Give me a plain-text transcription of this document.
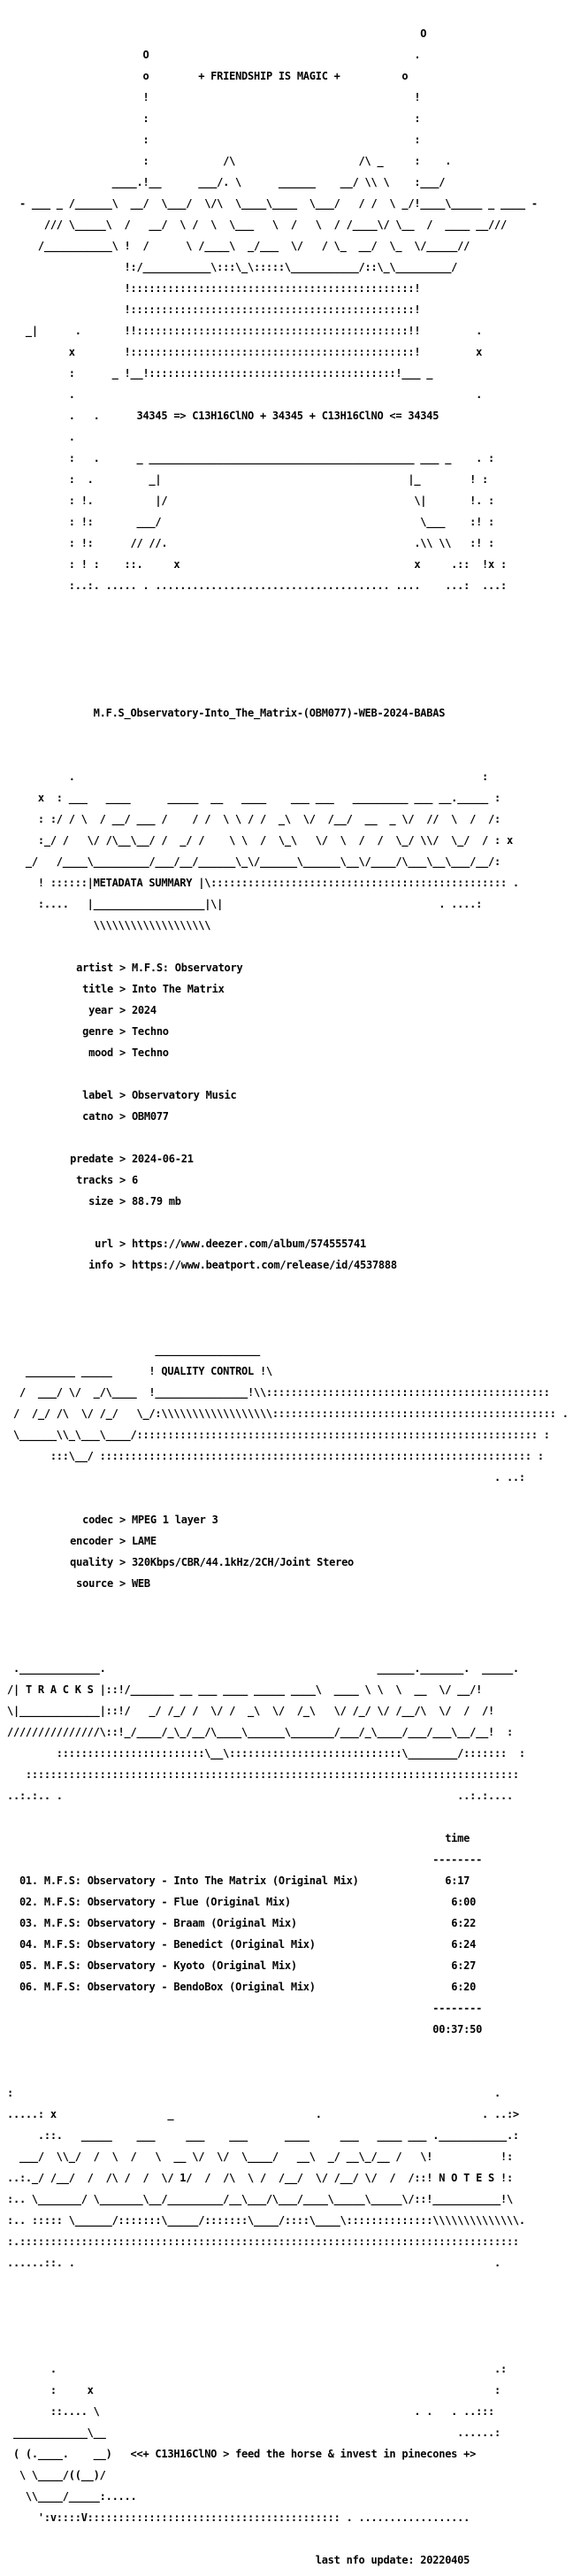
O

O                                           .

o        + FRIENDSHIP IS MAGIC +          o

!                                           !

:                                           :

:                                           :

:            /\                    /\ _     :    .

____.!__      ___/. \      ______    __/ \\ \    :___/

- ___ _ /______\  __/  \___/  \/\  \____\____  \___/   / /  \ _/!____\_____ _ ____ -

/// \_____\  /   __/  \ /  \  \___   \  /   \  / /____\/ \__  /  ____ __///

/___________\ !  /      \ /____\  _/___  \/   / \_  __/  \_  \/_____//

!:/___________\:::\_\:::::\___________/::\_\_________/

!::::::::::::::::::::::::::::::::::::::::::::::!

!::::::::::::::::::::::::::::::::::::::::::::::!

_|      .       !!::::::::::::::::::::::::::::::::::::::::::::!!         .

x        !::::::::::::::::::::::::::::::::::::::::::::::!         x

:      _ !__!::::::::::::::::::::::::::::::::::::::::!___ _

.                                                                 .

.   .      34345 => C13H16ClNO + 34345 + C13H16ClNO <= 34345

.

:   .      _ ___________________________________________ ___ _    . :

:  .         _|                                        |_        ! :

: !.          |/                                        \|       !. :

: !:       ___/                                          \___    :! :

: !:      // //.                                        .\\ \\   :! :

: ! :    ::.     x                                      x     .::  !x :

:..:. ..... . ...................................... ....    ...:  ...:

M.F.S_Observatory-Into_The_Matrix-(OBM077)-WEB-2024-BABAS

.                                                                  :

x  : ___   ____      _____  __   ____    ___ ___   _________ ___ __._____ :

: :/ / \  / __/ ___ /    / /  \ \ / /  _\  \/  /__/  __  _ \/  //  \  /  /:

:_/ /   \/ /\__\__/ /  _/ /    \ \  /  \_\   \/  \  /  /  \_/ \\/  \_/  / : x

_/   /____\_________/___/__/______\_\/______\______\__\/____/\___\__\___/__/:

! ::::::|METADATA SUMMARY |\:::::::::::::::::::::::::::::::::::::::::::::::: .

:....   |__________________|\|                                   . ....:

\\\\\\\\\\\\\\\\\\\

artist > M.F.S: Observatory

title > Into The Matrix

year > 2024

genre > Techno

mood > Techno

label > Observatory Music

catno > OBM077

predate > 2024-06-21

tracks > 6

size > 88.79 mb

url > https://www.deezer.com/album/574555741

info > https://www.beatport.com/release/id/4537888

_________________

________ _____      ! QUALITY CONTROL !\

/  ___/ \/  _/\____  !_______________!\\::::::::::::::::::::::::::::::::::::::::::::::

/  /_/ /\  \/ /_/   \_/:\\\\\\\\\\\\\\\\\\:::::::::::::::::::::::::::::::::::::::::::::: .

\______\\_\___\____/::::::::::::::::::::::::::::::::::::::::::::::::::::::::::::::::: :

:::\__/ :::::::::::::::::::::::::::::::::::::::::::::::::::::::::::::::::::::: :

. ..:

codec > MPEG 1 layer 3

encoder > LAME

quality > 320Kbps/CBR/44.1kHz/2CH/Joint Stereo

source > WEB

._____________.                                            ______._______.  _____.

/| T R A C K S |::!/_______ __ ___ ____ _____ ____\  ____ \ \  \  __  \/ __/!

\|_____________|::!/   _/ /_/ /  \/ /  _\  \/  /_\   \/ /_/ \/ /__/\  \/  /  /!

///////////////\::!_/____/_\_/__/\____\______\_______/___/_\____/___/___\__/__!  :

::::::::::::::::::::::::\__\::::::::::::::::::::::::::::\________/:::::::  :

::::::::::::::::::::::::::::::::::::::::::::::::::::::::::::::::::::::::::::::::

..:.:.. .                                                                ..:.:....

time

--------

01. M.F.S: Observatory - Into The Matrix (Original Mix)	6:17

02. M.F.S: Observatory - Flue (Original Mix)	6:00

03. M.F.S: Observatory - Braam (Original Mix)	6:22

04. M.F.S: Observatory - Benedict (Original Mix)	6:24

05. M.F.S: Observatory - Kyoto (Original Mix)	6:27

06. M.F.S: Observatory - BendoBox (Original Mix)	6:20

--------

00:37:50

:                                                                              .

.....: x                  _                       .                          . ..:>

.::.   _____    ___     ___    ___      ____     ___   ____ ___ .___________.:

___/  \\_/  /  \  /   \  __ \/  \/  \____/   __\  _/ __\_/__ /   \!           !:

..:._/ /__/  /  /\ /  /  \/ 1/  /  /\  \ /  /__/  \/ /__/ \/  /  /::! N O T E S !:

:.. \_______/ \_______\__/_________/__\___/\___/____\_____\_____\/::!___________!\

:.. ::::: \______/:::::::\_____/:::::::\____/::::\____\::::::::::::::\\\\\\\\\\\\\\.

:.:::::::::::::::::::::::::::::::::::::::::::::::::::::::::::::::::::::::::::::::::

......::. .                                                                    .

.                                                                       .:

:     x                                                                 :

::.... \                                                   . .   . ..:::

____________\__                                                         ......:

( (.____.    __)   <<+ C13H16ClNO > feed the horse & invest in pinecones +>

\ \____/((__)/

\\____/_____:.....

':v::::V::::::::::::::::::::::::::::::::::::::::: . ..................

last nfo update: 20220405
